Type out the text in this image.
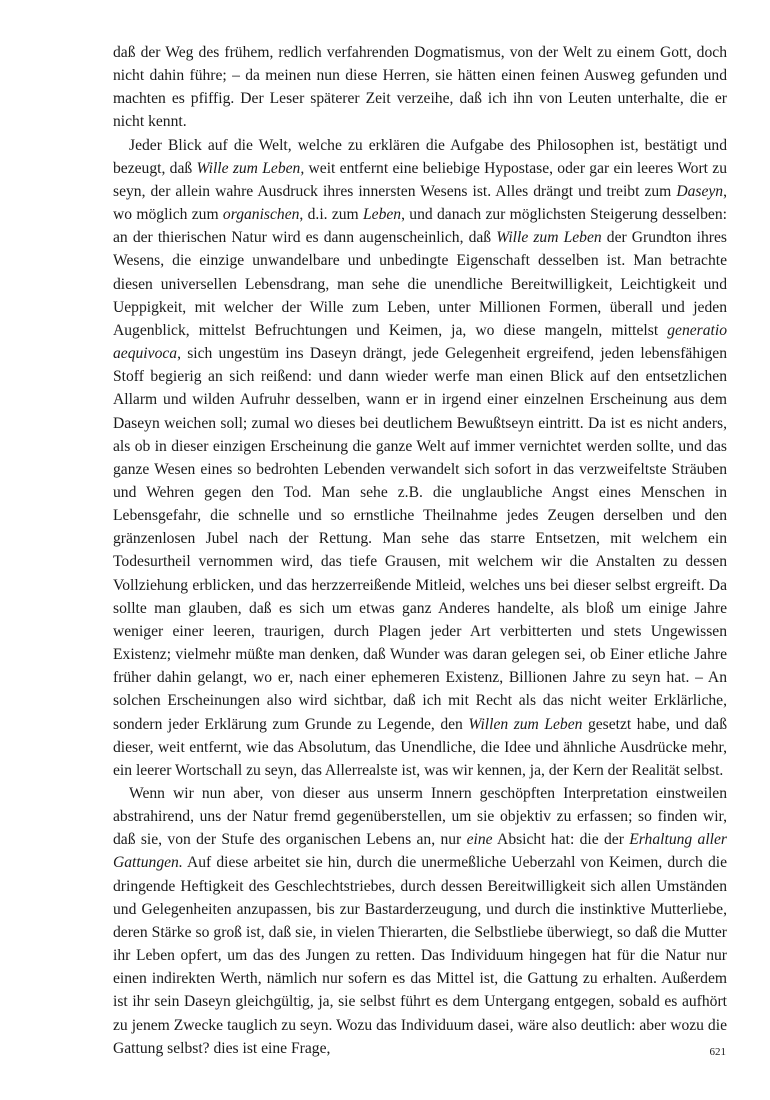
daß der Weg des frühem, redlich verfahrenden Dogmatismus, von der Welt zu einem Gott, doch nicht dahin führe; – da meinen nun diese Herren, sie hätten einen feinen Ausweg gefunden und machten es pfiffig. Der Leser späterer Zeit verzeihe, daß ich ihn von Leuten unterhalte, die er nicht kennt.

Jeder Blick auf die Welt, welche zu erklären die Aufgabe des Philosophen ist, bestätigt und bezeugt, daß Wille zum Leben, weit entfernt eine beliebige Hypostase, oder gar ein leeres Wort zu seyn, der allein wahre Ausdruck ihres innersten Wesens ist. Alles drängt und treibt zum Daseyn, wo möglich zum organischen, d.i. zum Leben, und danach zur möglichsten Steigerung desselben: an der thierischen Natur wird es dann augenscheinlich, daß Wille zum Leben der Grundton ihres Wesens, die einzige unwandelbare und unbedingte Eigenschaft desselben ist. Man betrachte diesen universellen Lebensdrang, man sehe die unendliche Bereitwilligkeit, Leichtigkeit und Ueppigkeit, mit welcher der Wille zum Leben, unter Millionen Formen, überall und jeden Augenblick, mittelst Befruchtungen und Keimen, ja, wo diese mangeln, mittelst generatio aequivoca, sich ungestüm ins Daseyn drängt, jede Gelegenheit ergreifend, jeden lebensfähigen Stoff begierig an sich reißend: und dann wieder werfe man einen Blick auf den entsetzlichen Allarm und wilden Aufruhr desselben, wann er in irgend einer einzelnen Erscheinung aus dem Daseyn weichen soll; zumal wo dieses bei deutlichem Bewußtseyn eintritt. Da ist es nicht anders, als ob in dieser einzigen Erscheinung die ganze Welt auf immer vernichtet werden sollte, und das ganze Wesen eines so bedrohten Lebenden verwandelt sich sofort in das verzweifeltste Sträuben und Wehren gegen den Tod. Man sehe z.B. die unglaubliche Angst eines Menschen in Lebensgefahr, die schnelle und so ernstliche Theilnahme jedes Zeugen derselben und den gränzenlosen Jubel nach der Rettung. Man sehe das starre Entsetzen, mit welchem ein Todesurtheil vernommen wird, das tiefe Grausen, mit welchem wir die Anstalten zu dessen Vollziehung erblicken, und das herzzerreißende Mitleid, welches uns bei dieser selbst ergreift. Da sollte man glauben, daß es sich um etwas ganz Anderes handelte, als bloß um einige Jahre weniger einer leeren, traurigen, durch Plagen jeder Art verbitterten und stets Ungewissen Existenz; vielmehr müßte man denken, daß Wunder was daran gelegen sei, ob Einer etliche Jahre früher dahin gelangt, wo er, nach einer ephemeren Existenz, Billionen Jahre zu seyn hat. – An solchen Erscheinungen also wird sichtbar, daß ich mit Recht als das nicht weiter Erklärliche, sondern jeder Erklärung zum Grunde zu Legende, den Willen zum Leben gesetzt habe, und daß dieser, weit entfernt, wie das Absolutum, das Unendliche, die Idee und ähnliche Ausdrücke mehr, ein leerer Wortschall zu seyn, das Allerrealste ist, was wir kennen, ja, der Kern der Realität selbst.

Wenn wir nun aber, von dieser aus unserm Innern geschöpften Interpretation einstweilen abstrahirend, uns der Natur fremd gegenüberstellen, um sie objektiv zu erfassen; so finden wir, daß sie, von der Stufe des organischen Lebens an, nur eine Absicht hat: die der Erhaltung aller Gattungen. Auf diese arbeitet sie hin, durch die unermeßliche Ueberzahl von Keimen, durch die dringende Heftigkeit des Geschlechtstriebes, durch dessen Bereitwilligkeit sich allen Umständen und Gelegenheiten anzupassen, bis zur Bastarderzeugung, und durch die instinktive Mutterliebe, deren Stärke so groß ist, daß sie, in vielen Thierarten, die Selbstliebe überwiegt, so daß die Mutter ihr Leben opfert, um das des Jungen zu retten. Das Individuum hingegen hat für die Natur nur einen indirekten Werth, nämlich nur sofern es das Mittel ist, die Gattung zu erhalten. Außerdem ist ihr sein Daseyn gleichgültig, ja, sie selbst führt es dem Untergang entgegen, sobald es aufhört zu jenem Zwecke tauglich zu seyn. Wozu das Individuum dasei, wäre also deutlich: aber wozu die Gattung selbst? dies ist eine Frage,	621
